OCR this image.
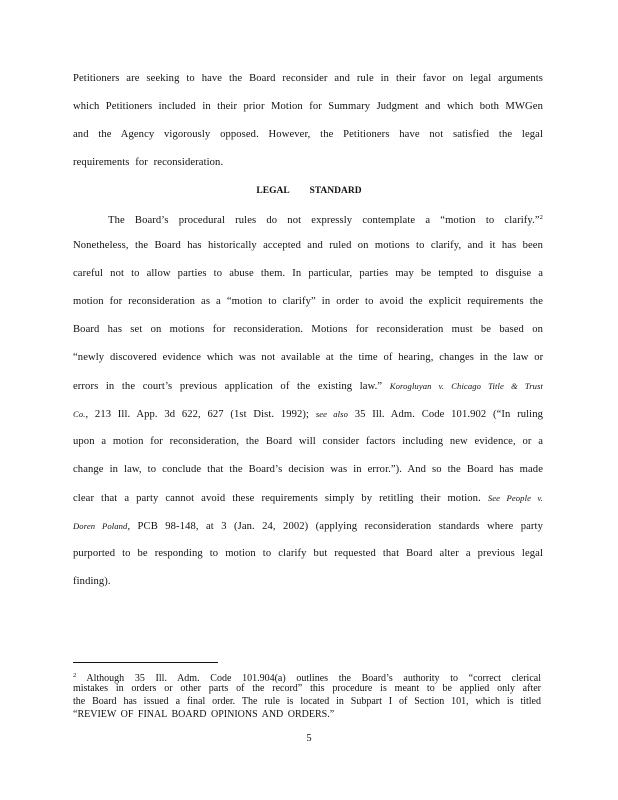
Petitioners are seeking to have the Board reconsider and rule in their favor on legal arguments
which Petitioners included in their prior Motion for Summary Judgment and which both MWGen
and the Agency vigorously opposed. However, the Petitioners have not satisfied the legal
requirements for reconsideration.
LEGAL STANDARD
The Board’s procedural rules do not expressly contemplate a “motion to clarify.”$^2$
Nonetheless, the Board has historically accepted and ruled on motions to clarify, and it has been
careful not to allow parties to abuse them. In particular, parties may be tempted to disguise a
motion for reconsideration as a “motion to clarify” in order to avoid the explicit requirements the
Board has set on motions for reconsideration. Motions for reconsideration must be based on
“newly discovered evidence which was not available at the time of hearing, changes in the law or
errors in the court’s previous application of the existing law.” Korogluyan v. Chicago Title & Trust
Co., 213 Ill. App. 3d 622, 627 (1st Dist. 1992); see also 35 Ill. Adm. Code 101.902 (“In ruling
upon a motion for reconsideration, the Board will consider factors including new evidence, or a
change in law, to conclude that the Board’s decision was in error.”). And so the Board has made
clear that a party cannot avoid these requirements simply by retitling their motion. See People v.
Doren Poland, PCB 98-148, at 3 (Jan. 24, 2002) (applying reconsideration standards where party
purported to be responding to motion to clarify but requested that Board alter a previous legal
finding).
$^2$ Although 35 Ill. Adm. Code 101.904(a) outlines the Board’s authority to “correct clerical
mistakes in orders or other parts of the record” this procedure is meant to be applied only after
the Board has issued a final order. The rule is located in Subpart I of Section 101, which is titled
“REVIEW OF FINAL BOARD OPINIONS AND ORDERS.”
5
